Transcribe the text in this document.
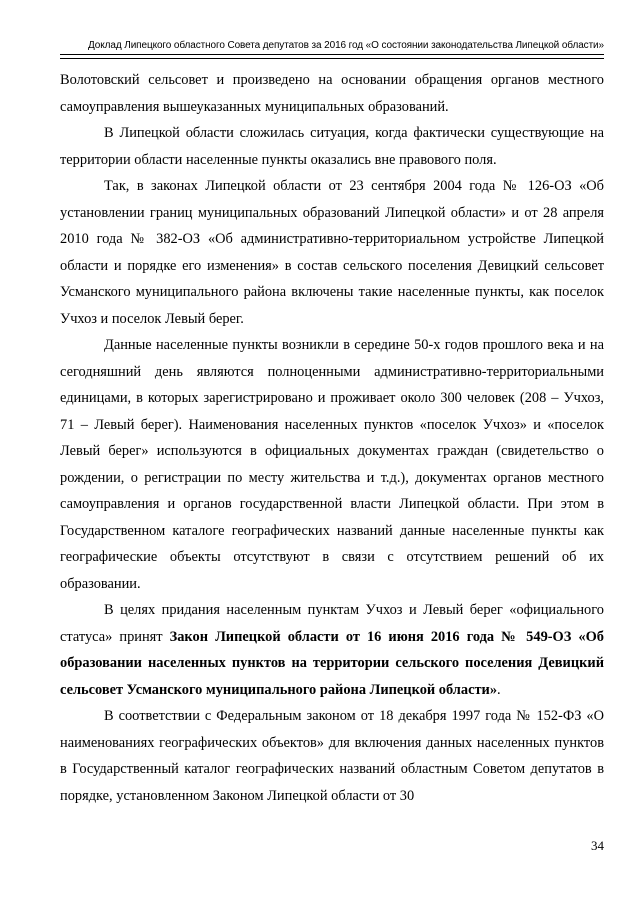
Доклад Липецкого областного Совета депутатов за 2016 год «О состоянии законодательства Липецкой области»

Волотовский сельсовет и произведено на основании обращения органов местного самоуправления вышеуказанных муниципальных образований.

В Липецкой области сложилась ситуация, когда фактически существующие на территории области населенные пункты оказались вне правового поля.

Так, в законах Липецкой области от 23 сентября 2004 года № 126-ОЗ «Об установлении границ муниципальных образований Липецкой области» и от 28 апреля 2010 года № 382-ОЗ «Об административно-территориальном устройстве Липецкой области и порядке его изменения» в состав сельского поселения Девицкий сельсовет Усманского муниципального района включены такие населенные пункты, как поселок Учхоз и поселок Левый берег.

Данные населенные пункты возникли в середине 50-х годов прошлого века и на сегодняшний день являются полноценными административно-территориальными единицами, в которых зарегистрировано и проживает около 300 человек (208 – Учхоз, 71 – Левый берег). Наименования населенных пунктов «поселок Учхоз» и «поселок Левый берег» используются в официальных документах граждан (свидетельство о рождении, о регистрации по месту жительства и т.д.), документах органов местного самоуправления и органов государственной власти Липецкой области. При этом в Государственном каталоге географических названий данные населенные пункты как географические объекты отсутствуют в связи с отсутствием решений об их образовании.

В целях придания населенным пунктам Учхоз и Левый берег «официального статуса» принят Закон Липецкой области от 16 июня 2016 года № 549-ОЗ «Об образовании населенных пунктов на территории сельского поселения Девицкий сельсовет Усманского муниципального района Липецкой области».

В соответствии с Федеральным законом от 18 декабря 1997 года № 152-ФЗ «О наименованиях географических объектов» для включения данных населенных пунктов в Государственный каталог географических названий областным Советом депутатов в порядке, установленном Законом Липецкой области от 30

34
